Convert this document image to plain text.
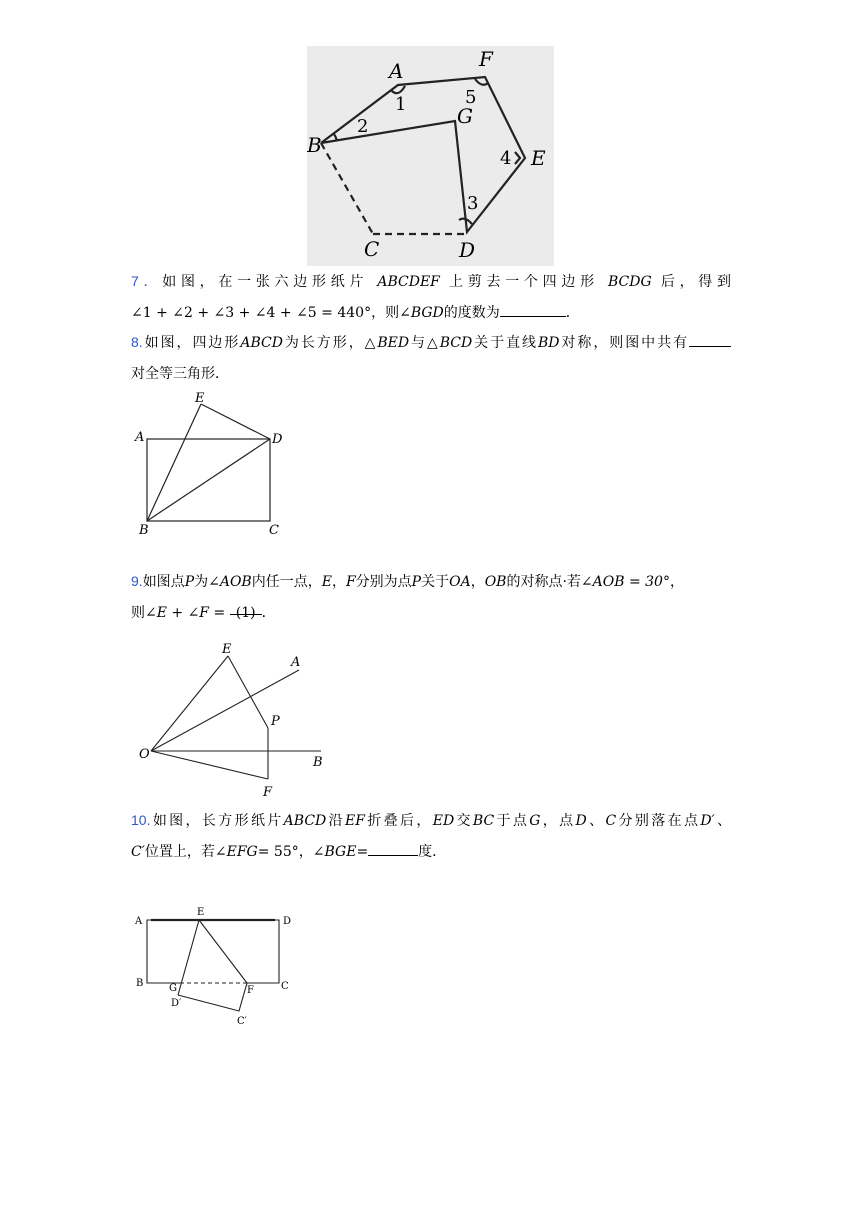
A	F
G
B
E
C	D
1
2
3
4
5
7．如图，在一张六边形纸片 ABCDEF 上剪去一个四边形 BCDG 后，得到
∠1 + ∠2 + ∠3 + ∠4 + ∠5 = 440°，则∠BGD的度数为	．
8.如图，四边形ABCD为长方形，△BED与△BCD关于直线BD对称，则图中共有
对全等三角形．
E
A	D
B	C
9.如图点P为∠AOB内任一点，E，F分别为点P关于OA，OB的对称点·若∠AOB = 30°，
则∠E + ∠F = (1) ．
E
A
P
O
B
F
10.如图，长方形纸片ABCD沿EF折叠后，ED交BC于点G，点D、C分别落在点D′、
C′位置上，若∠EFG= 55°，∠BGE=	度．
A
E
D
B	G	F	C
D′
C′
